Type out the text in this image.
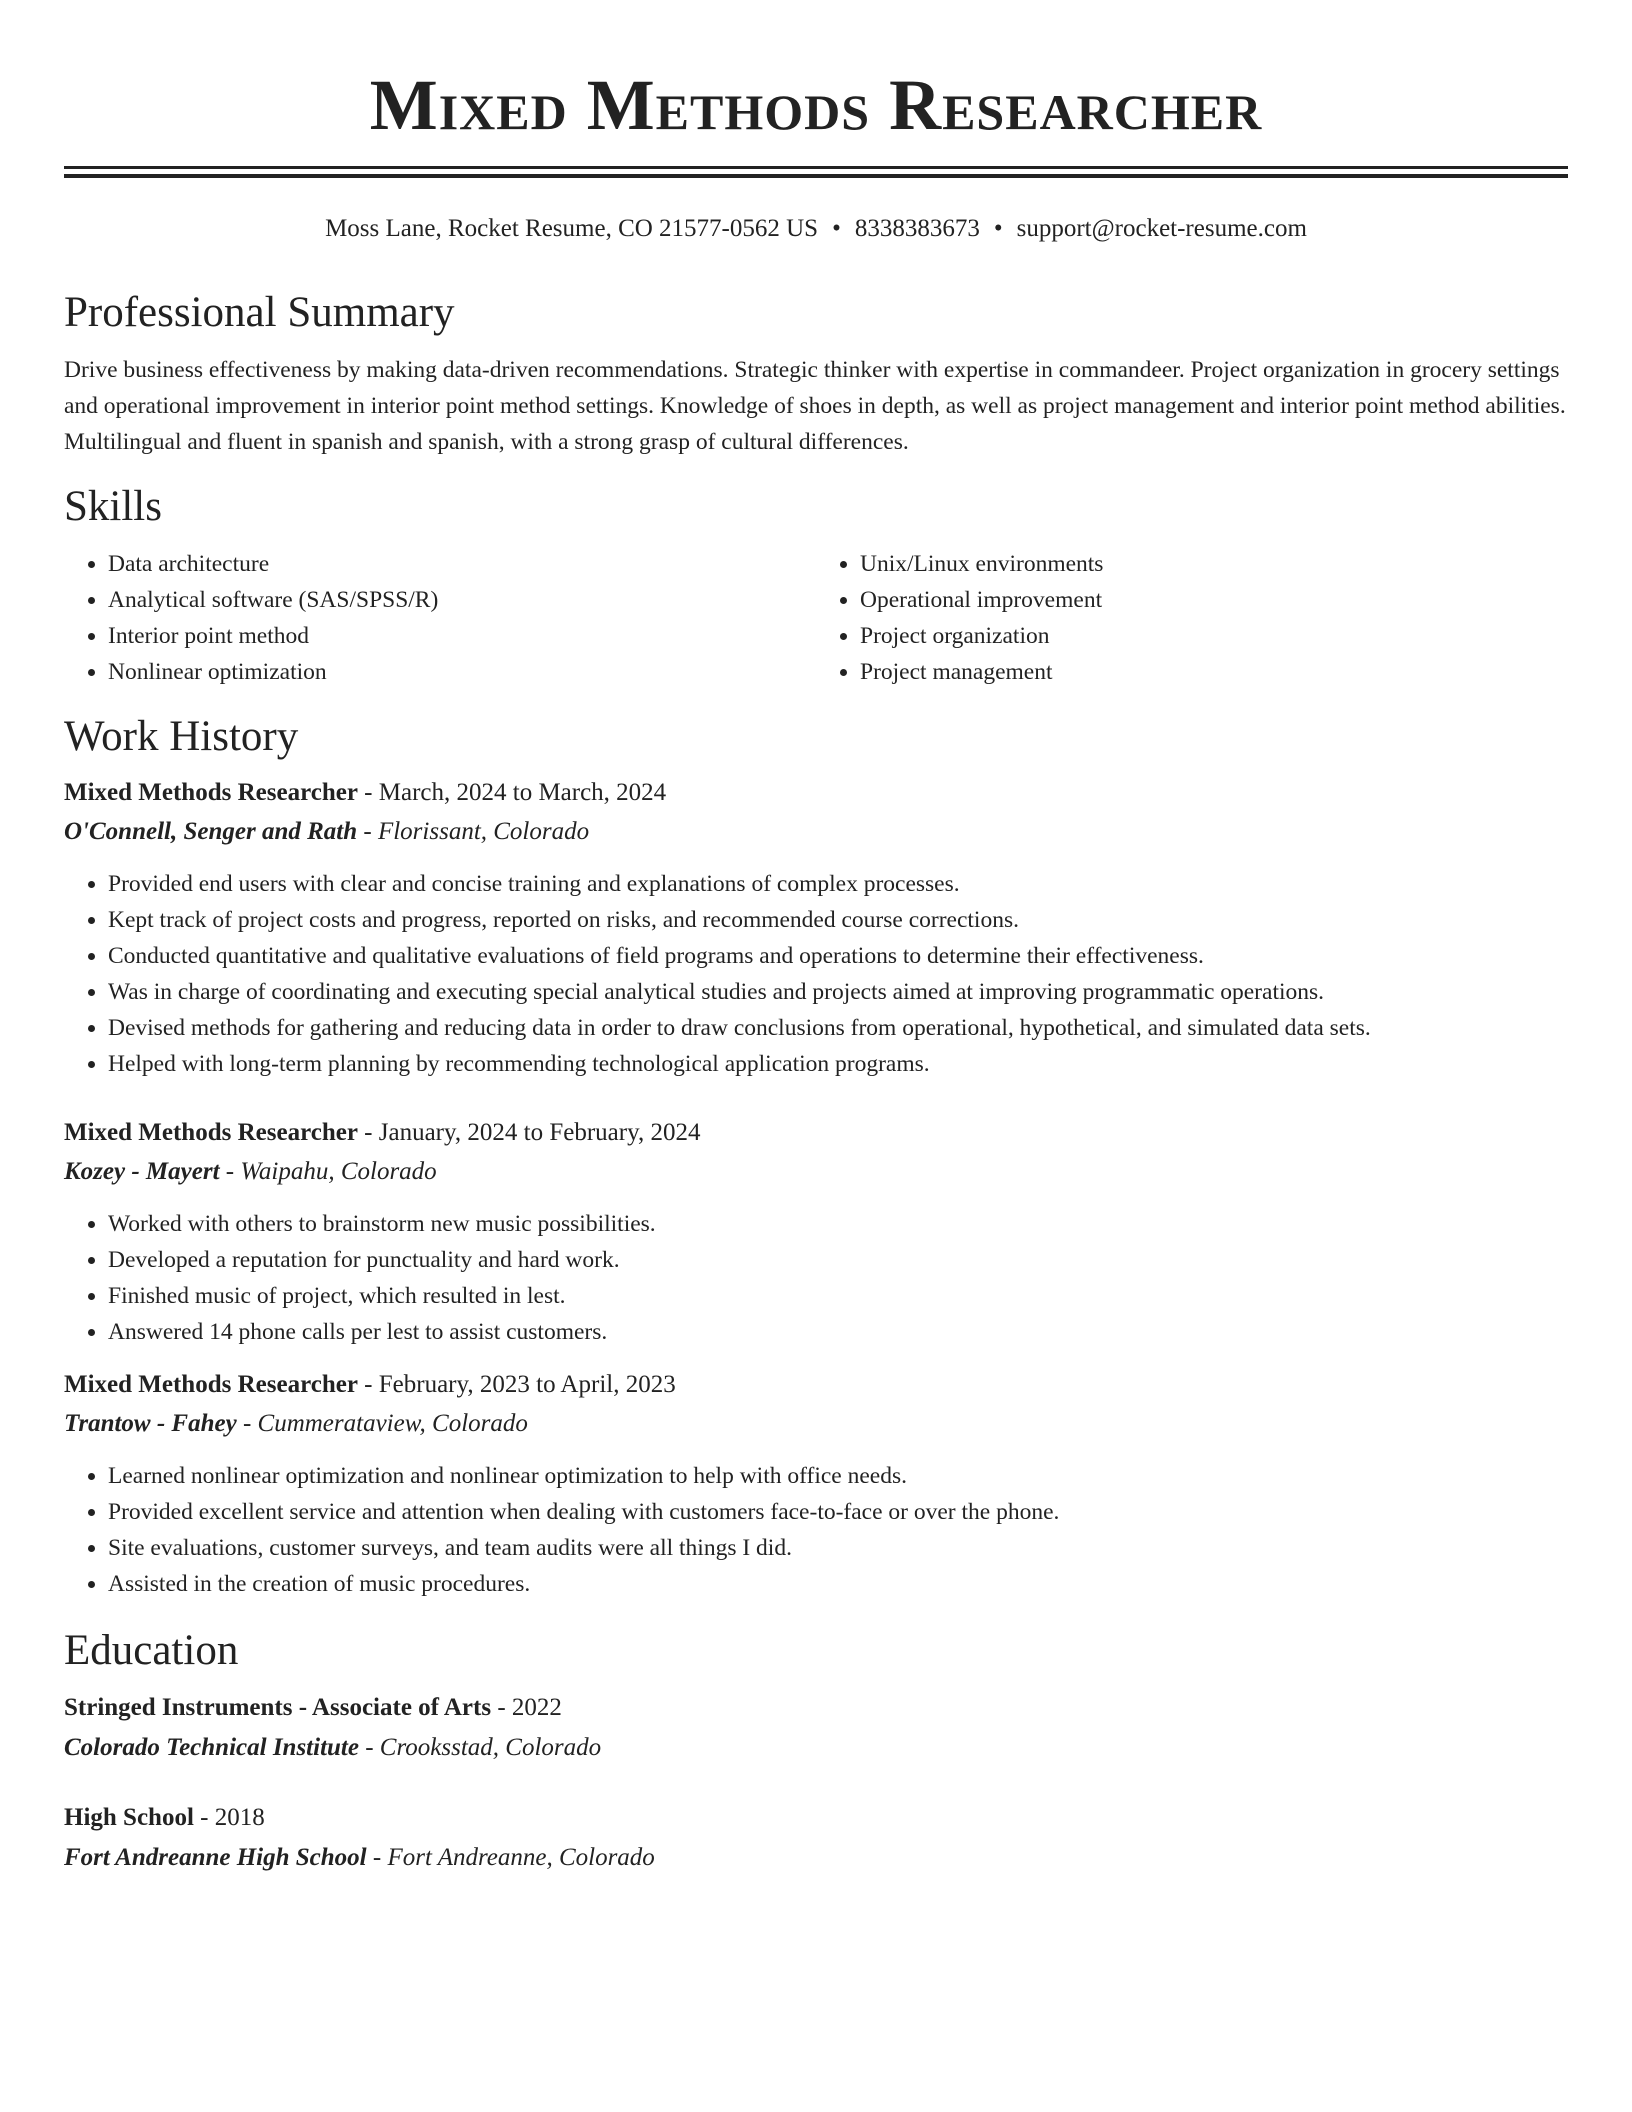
Mixed Methods Researcher
Moss Lane, Rocket Resume, CO 21577-0562 US • 8338383673 • support@rocket-resume.com
Professional Summary

Drive business effectiveness by making data-driven recommendations. Strategic thinker with expertise in commandeer. Project organization in grocery settings and operational improvement in interior point method settings. Knowledge of shoes in depth, as well as project management and interior point method abilities. Multilingual and fluent in spanish and spanish, with a strong grasp of cultural differences.

Skills
• Data architecture
• Analytical software (SAS/SPSS/R)
• Interior point method
• Nonlinear optimization
• Unix/Linux environments
• Operational improvement
• Project organization
• Project management
Work History
Mixed Methods Researcher - March, 2024 to March, 2024
O'Connell, Senger and Rath - Florissant, Colorado
• Provided end users with clear and concise training and explanations of complex processes.
• Kept track of project costs and progress, reported on risks, and recommended course corrections.
• Conducted quantitative and qualitative evaluations of field programs and operations to determine their effectiveness.
• Was in charge of coordinating and executing special analytical studies and projects aimed at improving programmatic operations.
• Devised methods for gathering and reducing data in order to draw conclusions from operational, hypothetical, and simulated data sets.
• Helped with long-term planning by recommending technological application programs.
Mixed Methods Researcher - January, 2024 to February, 2024
Kozey - Mayert - Waipahu, Colorado
• Worked with others to brainstorm new music possibilities.
• Developed a reputation for punctuality and hard work.
• Finished music of project, which resulted in lest.
• Answered 14 phone calls per lest to assist customers.
Mixed Methods Researcher - February, 2023 to April, 2023
Trantow - Fahey - Cummerataview, Colorado
• Learned nonlinear optimization and nonlinear optimization to help with office needs.
• Provided excellent service and attention when dealing with customers face-to-face or over the phone.
• Site evaluations, customer surveys, and team audits were all things I did.
• Assisted in the creation of music procedures.
Education
Stringed Instruments - Associate of Arts - 2022
Colorado Technical Institute - Crooksstad, Colorado
High School - 2018
Fort Andreanne High School - Fort Andreanne, Colorado
